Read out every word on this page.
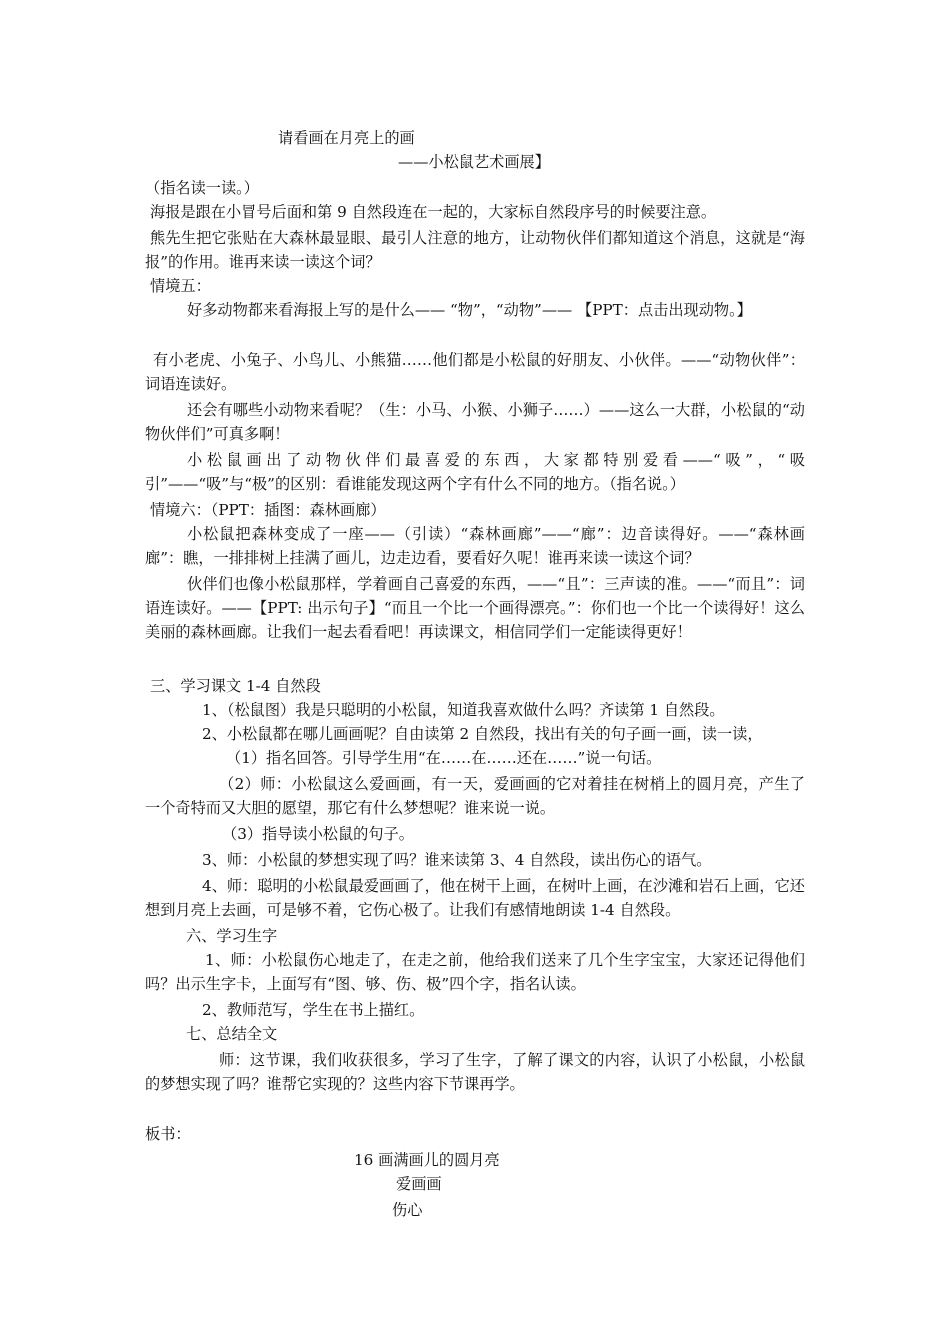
请看画在月亮上的画
——小松鼠艺术画展】
（指名读一读。）
海报是跟在小冒号后面和第 9 自然段连在一起的，大家标自然段序号的时候要注意。
熊先生把它张贴在大森林最显眼、最引人注意的地方，让动物伙伴们都知道这个消息，这就是“海报”的作用。谁再来读一读这个词？
情境五：
好多动物都来看海报上写的是什么—— “物”，“动物”—— 【PPT：点击出现动物。】
有小老虎、小兔子、小鸟儿、小熊猫……他们都是小松鼠的好朋友、小伙伴。——“动物伙伴”：词语连读好。
还会有哪些小动物来看呢？（生：小马、小猴、小狮子……）——这么一大群，小松鼠的“动物伙伴们”可真多啊！
小松鼠画出了动物伙伴们最喜爱的东西，大家都特别爱看——“吸”，“吸引”——“吸”与“极”的区别：看谁能发现这两个字有什么不同的地方。（指名说。）
情境六：（PPT：插图：森林画廊）
小松鼠把森林变成了一座——（引读）“森林画廊”——“廊”：边音读得好。——“森林画廊”：瞧，一排排树上挂满了画儿，边走边看，要看好久呢！谁再来读一读这个词？
伙伴们也像小松鼠那样，学着画自己喜爱的东西，——“且”：三声读的准。——“而且”：词语连读好。——【PPT: 出示句子】“而且一个比一个画得漂亮。”：你们也一个比一个读得好！这么美丽的森林画廊。让我们一起去看看吧！再读课文，相信同学们一定能读得更好！
三、学习课文 1-4 自然段
1、（松鼠图）我是只聪明的小松鼠，知道我喜欢做什么吗？齐读第 1 自然段。
2、小松鼠都在哪儿画画呢？自由读第 2 自然段，找出有关的句子画一画，读一读，
（1）指名回答。引导学生用“在……在……还在……”说一句话。
（2）师：小松鼠这么爱画画，有一天，爱画画的它对着挂在树梢上的圆月亮，产生了一个奇特而又大胆的愿望，那它有什么梦想呢？谁来说一说。
（3）指导读小松鼠的句子。
3、师：小松鼠的梦想实现了吗？谁来读第 3、4 自然段，读出伤心的语气。
4、师：聪明的小松鼠最爱画画了，他在树干上画，在树叶上画，在沙滩和岩石上画，它还想到月亮上去画，可是够不着，它伤心极了。让我们有感情地朗读 1-4 自然段。
六、学习生字
1、师：小松鼠伤心地走了，在走之前，他给我们送来了几个生字宝宝，大家还记得他们吗？出示生字卡，上面写有“图、够、伤、极”四个字，指名认读。
2、教师范写，学生在书上描红。
七、总结全文
师：这节课，我们收获很多，学习了生字，了解了课文的内容，认识了小松鼠，小松鼠的梦想实现了吗？谁帮它实现的？这些内容下节课再学。
板书：
16 画满画儿的圆月亮
爱画画
伤心
